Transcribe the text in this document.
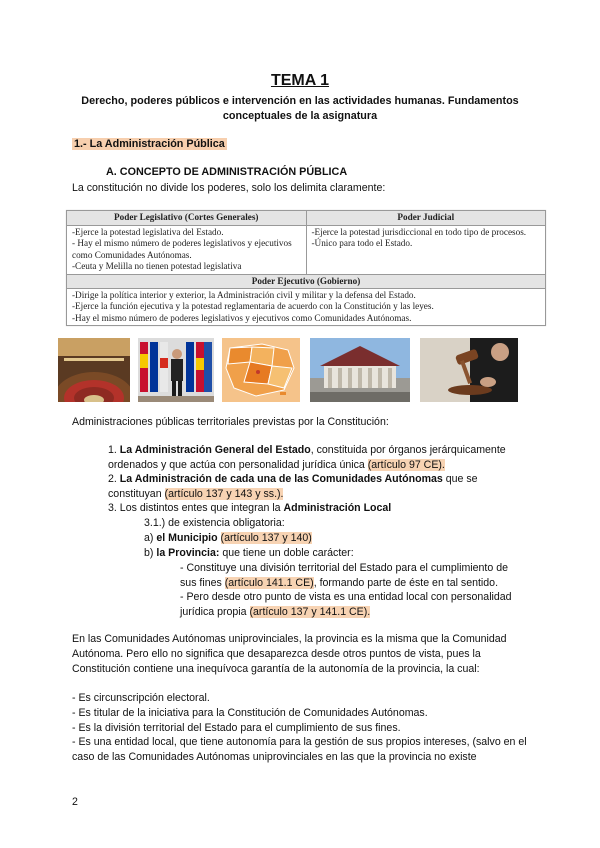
TEMA 1
Derecho, poderes públicos e intervención en las actividades humanas. Fundamentos conceptuales de la asignatura
1.- La Administración Pública
A. CONCEPTO DE ADMINISTRACIÓN PÚBLICA
La constitución no divide los poderes, solo los delimita claramente:
Poder Legislativo (Cortes Generales)	Poder Judicial
-Ejerce la potestad legislativa del Estado.
- Hay el mismo número de poderes legislativos y ejecutivos como Comunidades Autónomas.
-Ceuta y Melilla no tienen potestad legislativa
-Ejerce la potestad jurisdiccional en todo tipo de procesos.
-Único para todo el Estado.
Poder Ejecutivo (Gobierno)
-Dirige la política interior y exterior, la Administración civil y militar y la defensa del Estado.
-Ejerce la función ejecutiva y la potestad reglamentaria de acuerdo con la Constitución y las leyes.
-Hay el mismo número de poderes legislativos y ejecutivos como Comunidades Autónomas.
Administraciones públicas territoriales previstas por la Constitución:
1. La Administración General del Estado, constituida por órganos jerárquicamente ordenados y que actúa con personalidad jurídica única (artículo 97 CE).
2. La Administración de cada una de las Comunidades Autónomas que se constituyan (artículo 137 y 143 y ss.).
3. Los distintos entes que integran la Administración Local
3.1.) de existencia obligatoria:
a) el Municipio (artículo 137 y 140)
b) la Provincia: que tiene un doble carácter:
- Constituye una división territorial del Estado para el cumplimiento de sus fines (artículo 141.1 CE), formando parte de éste en tal sentido.
- Pero desde otro punto de vista es una entidad local con personalidad jurídica propia (artículo 137 y 141.1 CE).
En las Comunidades Autónomas uniprovinciales, la provincia es la misma que la Comunidad Autónoma. Pero ello no significa que desaparezca desde otros puntos de vista, pues la Constitución contiene una inequívoca garantía de la autonomía de la provincia, la cual:
- Es circunscripción electoral.
- Es titular de la iniciativa para la Constitución de Comunidades Autónomas.
- Es la división territorial del Estado para el cumplimiento de sus fines.
- Es una entidad local, que tiene autonomía para la gestión de sus propios intereses, (salvo en el caso de las Comunidades Autónomas uniprovinciales en las que la provincia no existe
2
